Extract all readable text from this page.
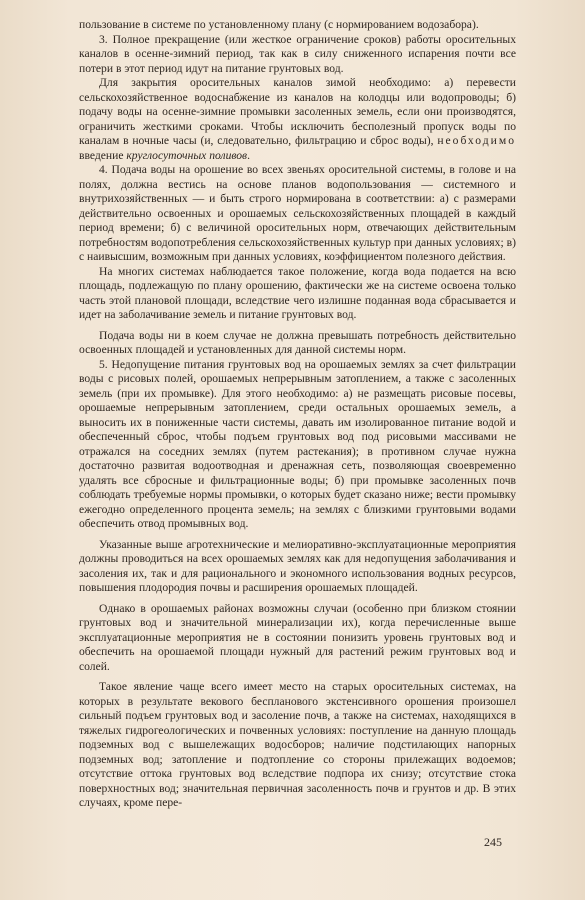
пользование в системе по установленному плану (с нормированием водозабора).

3. Полное прекращение (или жесткое ограничение сроков) работы оросительных каналов в осенне-зимний период, так как в силу сниженного испарения почти все потери в этот период идут на питание грунтовых вод.

Для закрытия оросительных каналов зимой необходимо: а) перевести сельскохозяйственное водоснабжение из каналов на колодцы или водопроводы; б) подачу воды на осенне-зимние промывки засоленных земель, если они производятся, ограничить жесткими сроками. Чтобы исключить бесполезный пропуск воды по каналам в ночные часы (и, следовательно, фильтрацию и сброс воды), необходимо введение круглосуточных поливов.

4. Подача воды на орошение во всех звеньях оросительной системы, в голове и на полях, должна вестись на основе планов водопользования — системного и внутрихозяйственных — и быть строго нормирована в соответствии: а) с размерами действительно освоенных и орошаемых сельскохозяйственных площадей в каждый период времени; б) с величиной оросительных норм, отвечающих действительным потребностям водопотребления сельскохозяйственных культур при данных условиях; в) с наивысшим, возможным при данных условиях, коэффициентом полезного действия.

На многих системах наблюдается такое положение, когда вода подается на всю площадь, подлежащую по плану орошению, фактически же на системе освоена только часть этой плановой площади, вследствие чего излишне поданная вода сбрасывается и идет на заболачивание земель и питание грунтовых вод.

Подача воды ни в коем случае не должна превышать потребность действительно освоенных площадей и установленных для данной системы норм.

5. Недопущение питания грунтовых вод на орошаемых землях за счет фильтрации воды с рисовых полей, орошаемых непрерывным затоплением, а также с засоленных земель (при их промывке). Для этого необходимо: а) не размещать рисовые посевы, орошаемые непрерывным затоплением, среди остальных орошаемых земель, а выносить их в пониженные части системы, давать им изолированное питание водой и обеспеченный сброс, чтобы подъем грунтовых вод под рисовыми массивами не отражался на соседних землях (путем растекания); в противном случае нужна достаточно развитая водоотводная и дренажная сеть, позволяющая своевременно удалять все сбросные и фильтрационные воды; б) при промывке засоленных почв соблюдать требуемые нормы промывки, о которых будет сказано ниже; вести промывку ежегодно определенного процента земель; на землях с близкими грунтовыми водами обеспечить отвод промывных вод.

Указанные выше агротехнические и мелиоративно-эксплуатационные мероприятия должны проводиться на всех орошаемых землях как для недопущения заболачивания и засоления их, так и для рационального и экономного использования водных ресурсов, повышения плодородия почвы и расширения орошаемых площадей.

Однако в орошаемых районах возможны случаи (особенно при близком стоянии грунтовых вод и значительной минерализации их), когда перечисленные выше эксплуатационные мероприятия не в состоянии понизить уровень грунтовых вод и обеспечить на орошаемой площади нужный для растений режим грунтовых вод и солей.

Такое явление чаще всего имеет место на старых оросительных системах, на которых в результате векового беспланового экстенсивного орошения произошел сильный подъем грунтовых вод и засоление почв, а также на системах, находящихся в тяжелых гидрогеологических и почвенных условиях: поступление на данную площадь подземных вод с вышележащих водосборов; наличие подстилающих напорных подземных вод; затопление и подтопление со стороны прилежащих водоемов; отсутствие оттока грунтовых вод вследствие подпора их снизу; отсутствие стока поверхностных вод; значительная первичная засоленность почв и грунтов и др. В этих случаях, кроме пере-

245
